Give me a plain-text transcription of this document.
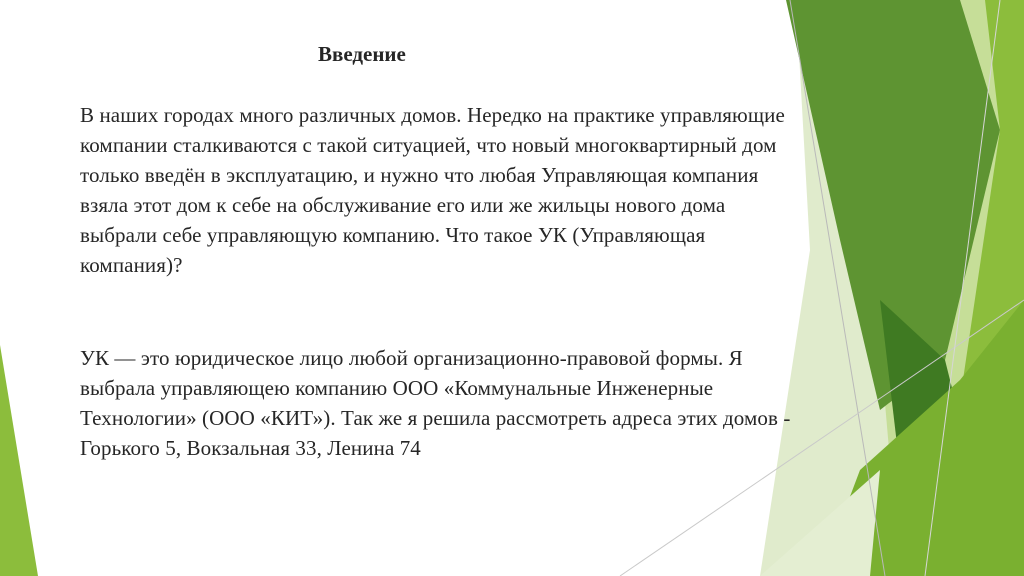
Введение

В наших городах много различных домов. Нередко на практике управляющие компании сталкиваются с такой ситуацией, что новый многоквартирный дом только введён в эксплуатацию, и нужно что любая Управляющая компания взяла этот дом к себе на обслуживание его или же жильцы нового дома выбрали себе управляющую компанию. Что такое УК (Управляющая компания)?

УК — это юридическое лицо любой организационно-правовой формы. Я выбрала управляющею компанию ООО «Коммунальные Инженерные Технологии» (ООО «КИТ»). Так же я решила рассмотреть адреса этих домов - Горького 5, Вокзальная 33, Ленина 74
